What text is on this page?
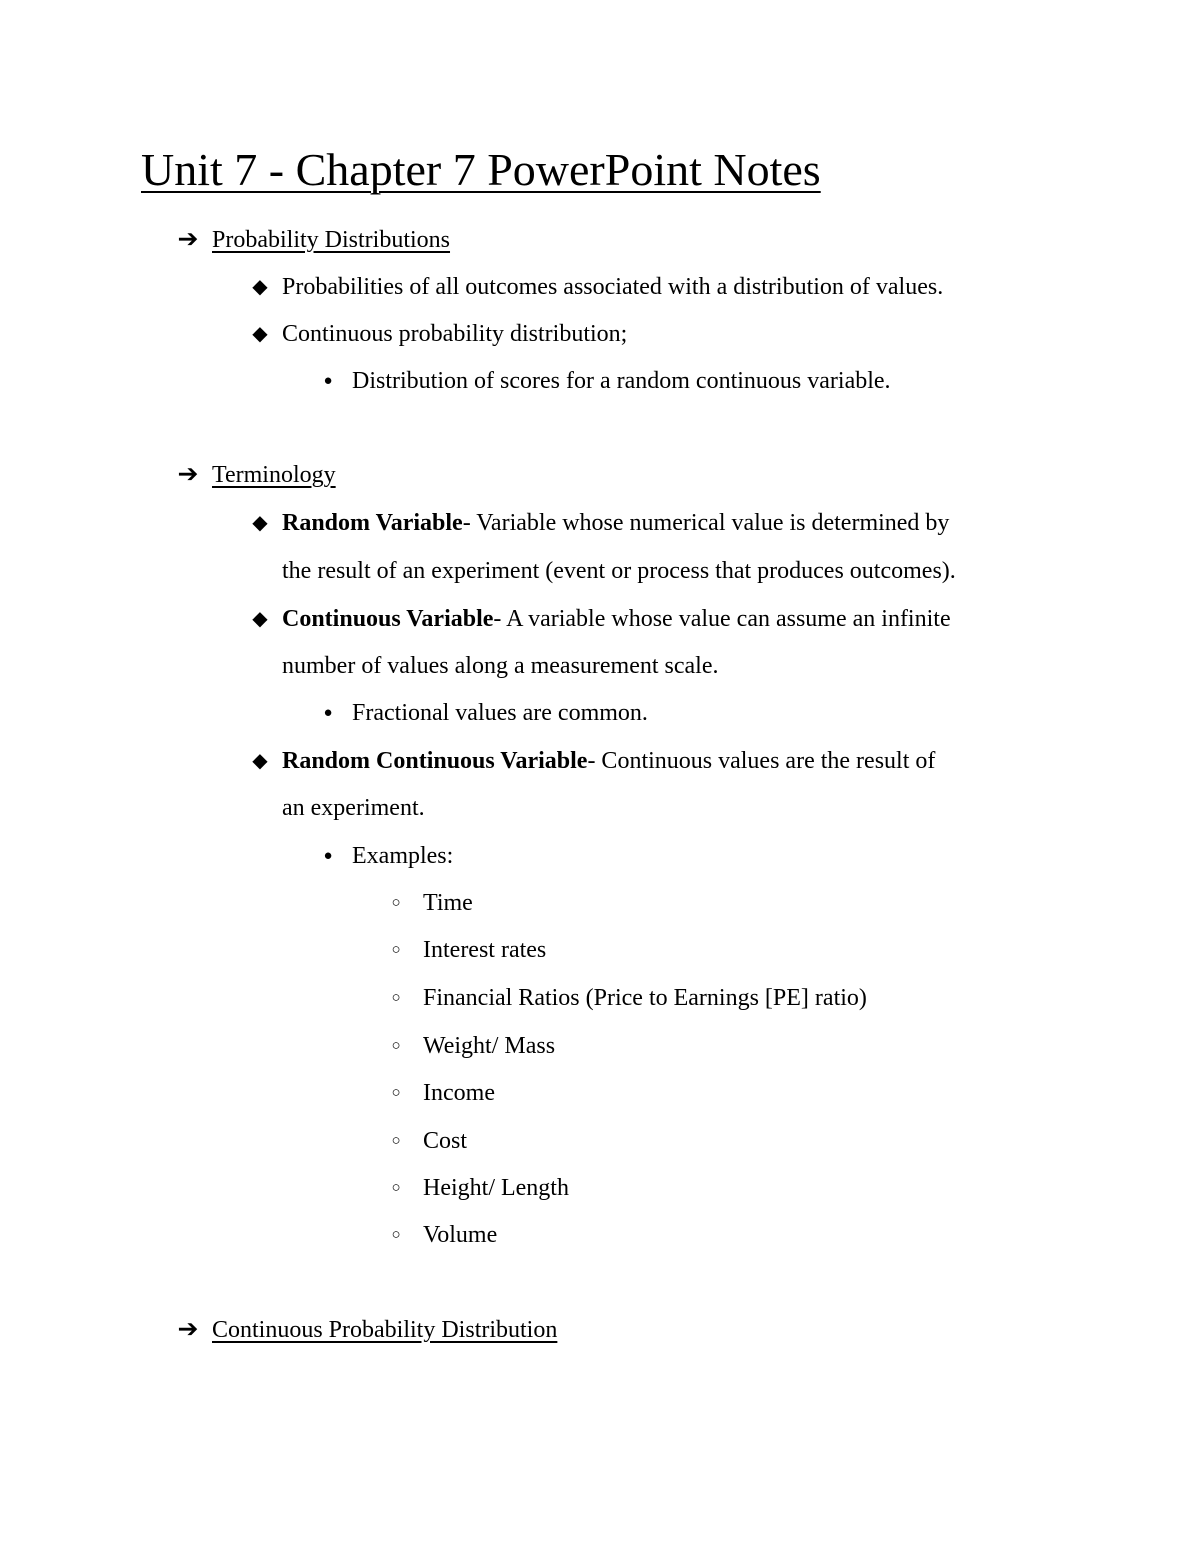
Unit 7 - Chapter 7 PowerPoint Notes
➔ Probability Distributions
◆ Probabilities of all outcomes associated with a distribution of values.
◆ Continuous probability distribution;
● Distribution of scores for a random continuous variable.
➔ Terminology
◆ Random Variable- Variable whose numerical value is determined by
the result of an experiment (event or process that produces outcomes).
◆ Continuous Variable- A variable whose value can assume an infinite
number of values along a measurement scale.
● Fractional values are common.
◆ Random Continuous Variable- Continuous values are the result of
an experiment.
● Examples:
○ Time
○ Interest rates
○ Financial Ratios (Price to Earnings [PE] ratio)
○ Weight/ Mass
○ Income
○ Cost
○ Height/ Length
○ Volume
➔ Continuous Probability Distribution
